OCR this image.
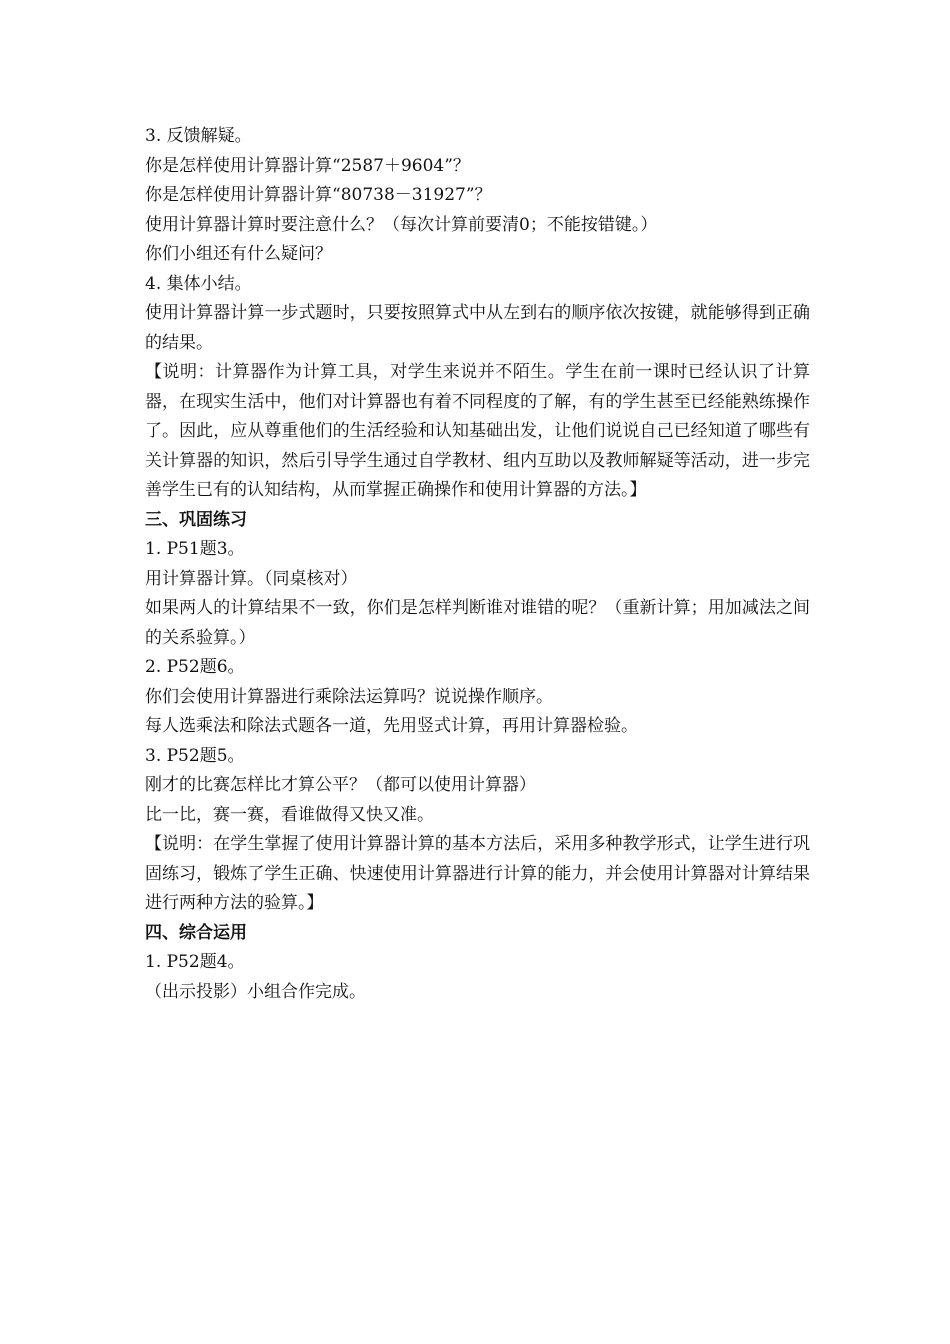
3. 反馈解疑。

你是怎样使用计算器计算“2587＋9604”？

你是怎样使用计算器计算“80738－31927”？

使用计算器计算时要注意什么？（每次计算前要清0；不能按错键。）

你们小组还有什么疑问？

4. 集体小结。

使用计算器计算一步式题时，只要按照算式中从左到右的顺序依次按键，就能够得到正确的结果。

【说明：计算器作为计算工具，对学生来说并不陌生。学生在前一课时已经认识了计算器，在现实生活中，他们对计算器也有着不同程度的了解，有的学生甚至已经能熟练操作了。因此，应从尊重他们的生活经验和认知基础出发，让他们说说自己已经知道了哪些有关计算器的知识，然后引导学生通过自学教材、组内互助以及教师解疑等活动，进一步完善学生已有的认知结构，从而掌握正确操作和使用计算器的方法。】

三、巩固练习

1. P51题3。

用计算器计算。（同桌核对）

如果两人的计算结果不一致，你们是怎样判断谁对谁错的呢？（重新计算；用加减法之间的关系验算。）

2. P52题6。

你们会使用计算器进行乘除法运算吗？说说操作顺序。

每人选乘法和除法式题各一道，先用竖式计算，再用计算器检验。

3. P52题5。

刚才的比赛怎样比才算公平？（都可以使用计算器）

比一比，赛一赛，看谁做得又快又准。

【说明：在学生掌握了使用计算器计算的基本方法后，采用多种教学形式，让学生进行巩固练习，锻炼了学生正确、快速使用计算器进行计算的能力，并会使用计算器对计算结果进行两种方法的验算。】

四、综合运用

1. P52题4。

（出示投影）小组合作完成。
